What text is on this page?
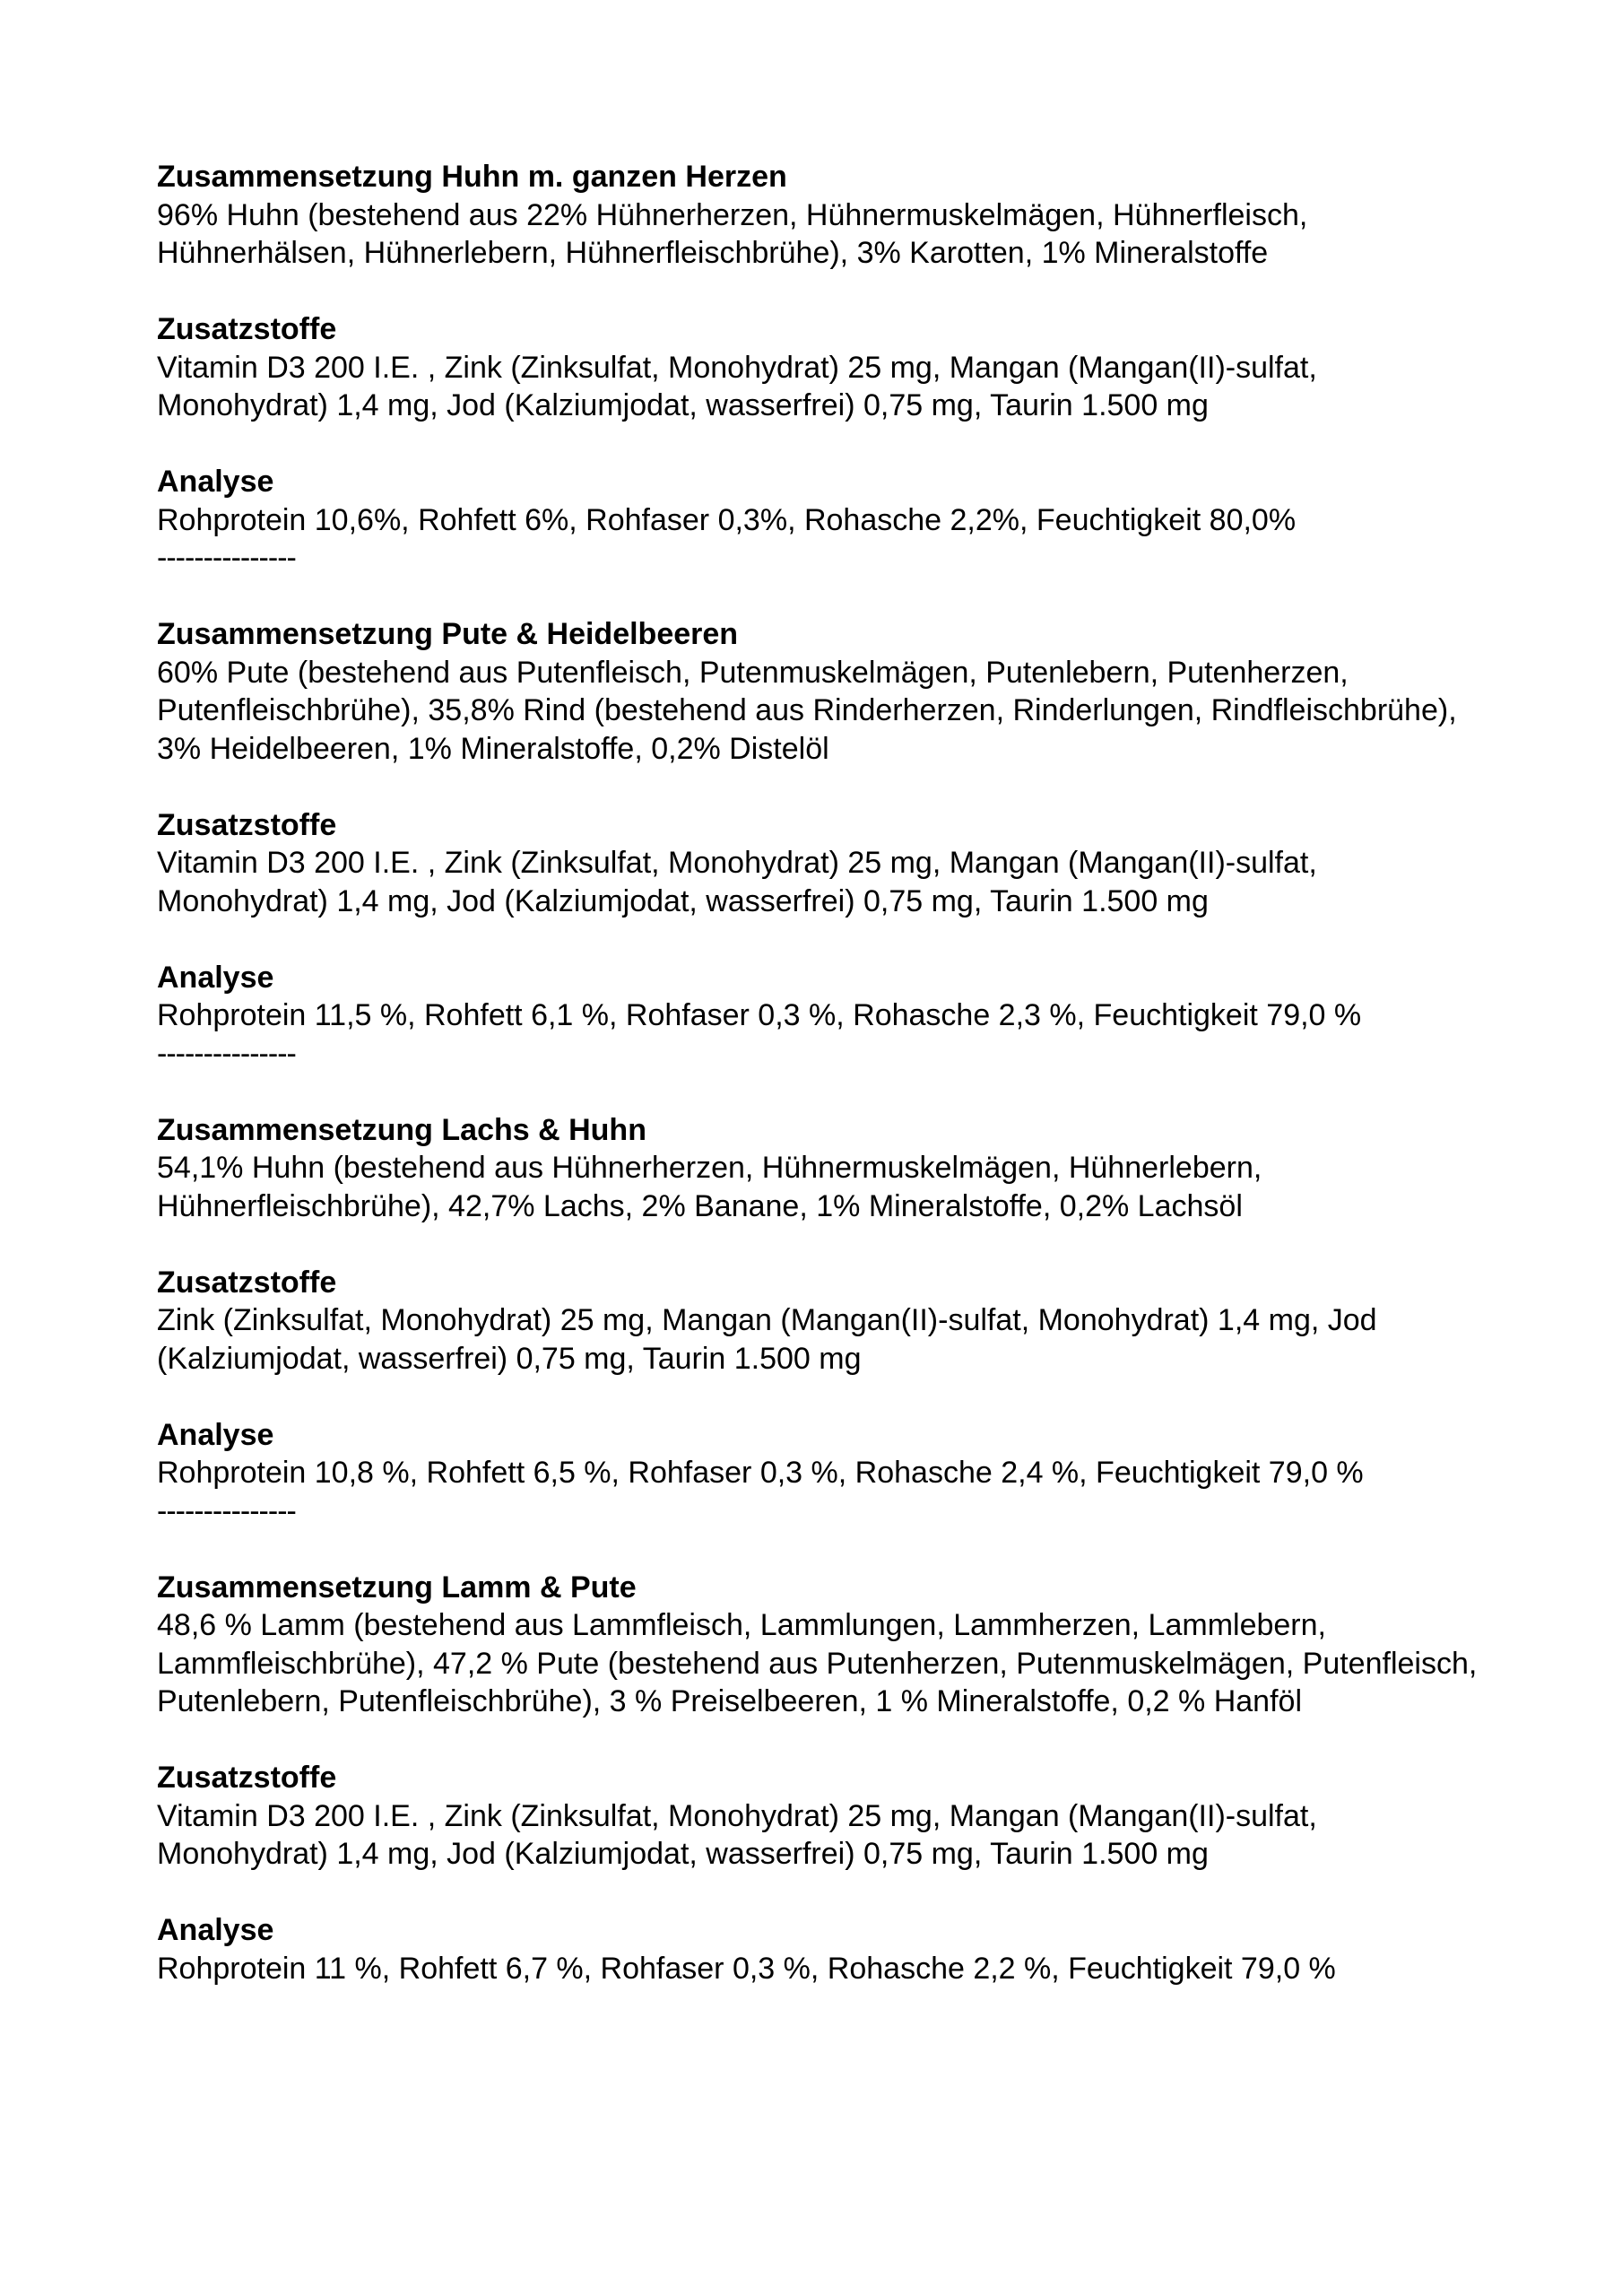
Zusammensetzung Huhn m. ganzen Herzen

96% Huhn (bestehend aus 22% Hühnerherzen, Hühnermuskelmägen, Hühnerfleisch, Hühnerhälsen, Hühnerlebern, Hühnerfleischbrühe), 3% Karotten, 1% Mineralstoffe

Zusatzstoffe

Vitamin D3 200 I.E. , Zink (Zinksulfat, Monohydrat) 25 mg, Mangan (Mangan(II)-sulfat, Monohydrat) 1,4 mg, Jod (Kalziumjodat, wasserfrei) 0,75 mg, Taurin 1.500 mg

Analyse

Rohprotein 10,6%, Rohfett 6%, Rohfaser 0,3%, Rohasche 2,2%, Feuchtigkeit 80,0%

---------------

Zusammensetzung Pute & Heidelbeeren

60% Pute (bestehend aus Putenfleisch, Putenmuskelmägen, Putenlebern, Putenherzen, Putenfleischbrühe), 35,8% Rind (bestehend aus Rinderherzen, Rinderlungen, Rindfleischbrühe), 3% Heidelbeeren, 1% Mineralstoffe, 0,2% Distelöl

Zusatzstoffe

Vitamin D3 200 I.E. , Zink (Zinksulfat, Monohydrat) 25 mg, Mangan (Mangan(II)-sulfat, Monohydrat) 1,4 mg, Jod (Kalziumjodat, wasserfrei) 0,75 mg, Taurin 1.500 mg

Analyse

Rohprotein 11,5 %, Rohfett 6,1 %, Rohfaser 0,3 %, Rohasche 2,3 %, Feuchtigkeit 79,0 %

---------------

Zusammensetzung Lachs & Huhn

54,1% Huhn (bestehend aus Hühnerherzen, Hühnermuskelmägen, Hühnerlebern, Hühnerfleischbrühe), 42,7% Lachs, 2% Banane, 1% Mineralstoffe, 0,2% Lachsöl

Zusatzstoffe

Zink (Zinksulfat, Monohydrat) 25 mg, Mangan (Mangan(II)-sulfat, Monohydrat) 1,4 mg, Jod (Kalziumjodat, wasserfrei) 0,75 mg, Taurin 1.500 mg

Analyse

Rohprotein 10,8 %, Rohfett 6,5 %, Rohfaser 0,3 %, Rohasche 2,4 %, Feuchtigkeit 79,0 %

---------------

Zusammensetzung Lamm & Pute

48,6 % Lamm (bestehend aus Lammfleisch, Lammlungen, Lammherzen, Lammlebern, Lammfleischbrühe), 47,2 % Pute (bestehend aus Putenherzen, Putenmuskelmägen, Putenfleisch, Putenlebern, Putenfleischbrühe), 3 % Preiselbeeren, 1 % Mineralstoffe, 0,2 % Hanföl

Zusatzstoffe

Vitamin D3 200 I.E. , Zink (Zinksulfat, Monohydrat) 25 mg, Mangan (Mangan(II)-sulfat, Monohydrat) 1,4 mg, Jod (Kalziumjodat, wasserfrei) 0,75 mg, Taurin 1.500 mg

Analyse

Rohprotein 11 %, Rohfett 6,7 %, Rohfaser 0,3 %, Rohasche 2,2 %, Feuchtigkeit 79,0 %
